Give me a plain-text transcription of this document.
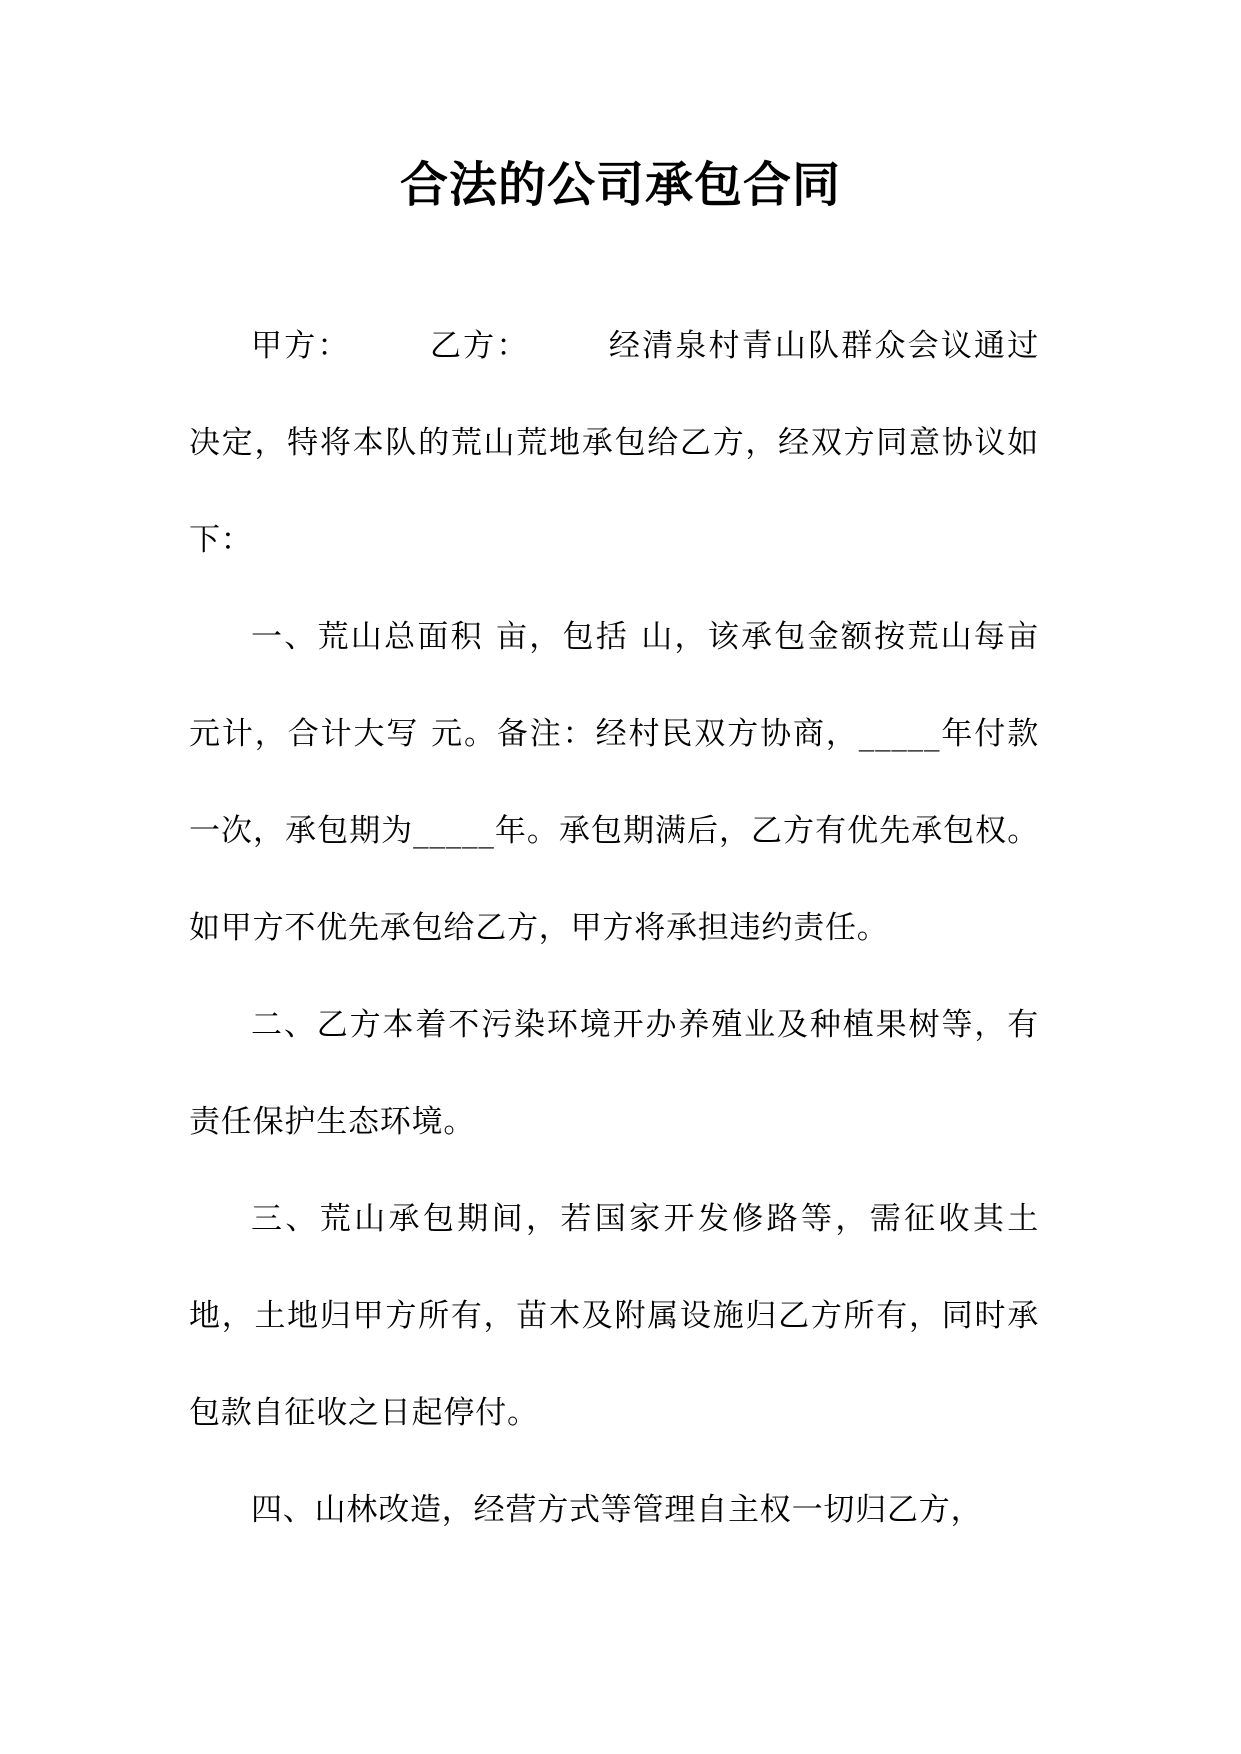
合法的公司承包合同

甲方：	乙方：	经清泉村青山队群众会议通过决定，特将本队的荒山荒地承包给乙方，经双方同意协议如下：

一、荒山总面积 亩，包括 山，该承包金额按荒山每亩 元计，合计大写 元。备注：经村民双方协商，_____年付款一次，承包期为_____年。承包期满后，乙方有优先承包权。如甲方不优先承包给乙方，甲方将承担违约责任。

二、乙方本着不污染环境开办养殖业及种植果树等，有责任保护生态环境。

三、荒山承包期间，若国家开发修路等，需征收其土地，土地归甲方所有，苗木及附属设施归乙方所有，同时承包款自征收之日起停付。

四、山林改造，经营方式等管理自主权一切归乙方，
